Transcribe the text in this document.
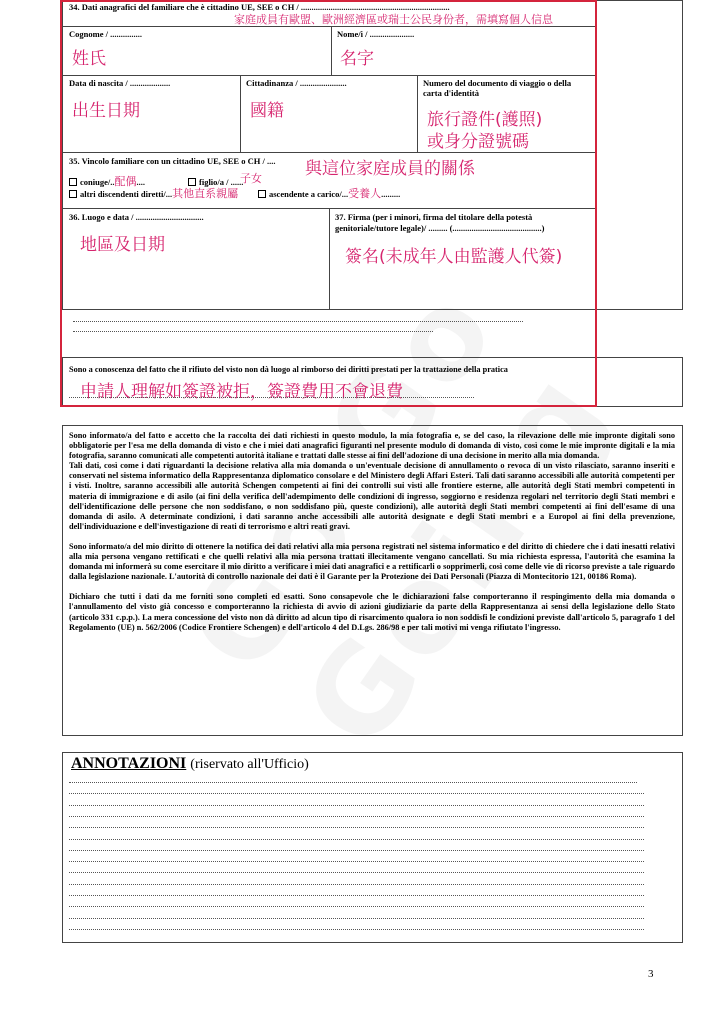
34. Dati anagrafici del familiare che è cittadino UE, SEE o CH / ......................................................................
家庭成員有歐盟、歐洲經濟區或瑞士公民身份者，需填寫個人信息
Cognome / ...............
姓氏
Nome/i / .....................
名字
Data di nascita / ...................
出生日期
Cittadinanza / ......................
國籍
Numero del documento di viaggio o della carta d'identità
旅行證件(護照)
或身分證號碼
35. Vincolo familiare con un cittadino UE, SEE o CH / .... 與這位家庭成員的關係
coniuge/..配偶....	子女
figlio/a / ......
altri discendenti diretti/...其他直系親屬	ascendente a carico/...受養人.........
36. Luogo e data / ................................
地區及日期
37. Firma (per i minori, firma del titolare della potestà
genitoriale/tutore legale)/ ......... (..........................................)
簽名(未成年人由監護人代簽)
Sono a conoscenza del fatto che il rifiuto del visto non dà luogo al rimborso dei diritti prestati per la trattazione della pratica
申請人理解如簽證被拒，簽證費用不會退費

Sono informato/a del fatto e accetto che la raccolta dei dati richiesti in questo modulo, la mia fotografia e, se del caso, la rilevazione delle mie impronte digitali sono obbligatorie per l'esa me della domanda di visto e che i miei dati anagrafici figuranti nel presente modulo di domanda di visto, così come le mie impronte digitali e la mia fotografia, saranno comunicati alle competenti autorità italiane e trattati dalle stesse ai fini dell'adozione di una decisione in merito alla mia domanda.

Tali dati, così come i dati riguardanti la decisione relativa alla mia domanda o un'eventuale decisione di annullamento o revoca di un visto rilasciato, saranno inseriti e conservati nel sistema informatico della Rappresentanza diplomatico consolare e del Ministero degli Affari Esteri. Tali dati saranno accessibili alle autorità competenti per i visti. Inoltre, saranno accessibili alle autorità Schengen competenti ai fini dei controlli sui visti alle frontiere esterne, alle autorità degli Stati membri competenti in materia di immigrazione e di asilo (ai fini della verifica dell'adempimento delle condizioni di ingresso, soggiorno e residenza regolari nel territorio degli Stati membri e dell'identificazione delle persone che non soddisfano, o non soddisfano più, queste condizioni), alle autorità degli Stati membri competenti ai fini dell'esame di una domanda di asilo. A determinate condizioni, i dati saranno anche accessibili alle autorità designate e degli Stati membri e a Europol ai fini della prevenzione, dell'individuazione e dell'investigazione di reati di terrorismo e altri reati gravi.

Sono informato/a del mio diritto di ottenere la notifica dei dati relativi alla mia persona registrati nel sistema informatico e del diritto di chiedere che i dati inesatti relativi alla mia persona vengano rettificati e che quelli relativi alla mia persona trattati illecitamente vengano cancellati. Su mia richiesta espressa, l'autorità che esamina la domanda mi informerà su come esercitare il mio diritto a verificare i miei dati anagrafici e a rettificarli o sopprimerli, così come delle vie di ricorso previste a tale riguardo dalla legislazione nazionale. L'autorità di controllo nazionale dei dati è il Garante per la Protezione dei Dati Personali (Piazza di Montecitorio 121, 00186 Roma).

Dichiaro che tutti i dati da me forniti sono completi ed esatti. Sono consapevole che le dichiarazioni false comporteranno il respingimento della mia domanda o l'annullamento del visto già concesso e comporteranno la richiesta di avvio di azioni giudiziarie da parte della Rappresentanza ai sensi della legislazione dello Stato (articolo 331 c.p.p.). La mera concessione del visto non dà diritto ad alcun tipo di risarcimento qualora io non soddisfi le condizioni previste dall'articolo 5, paragrafo 1 del Regolamento (UE) n. 562/2006 (Codice Frontiere Schengen) e dell'articolo 4 del D.Lgs. 286/98 e per tali motivi mi venga rifiutato l'ingresso.

ANNOTAZIONI (riservato all'Ufficio)
3
